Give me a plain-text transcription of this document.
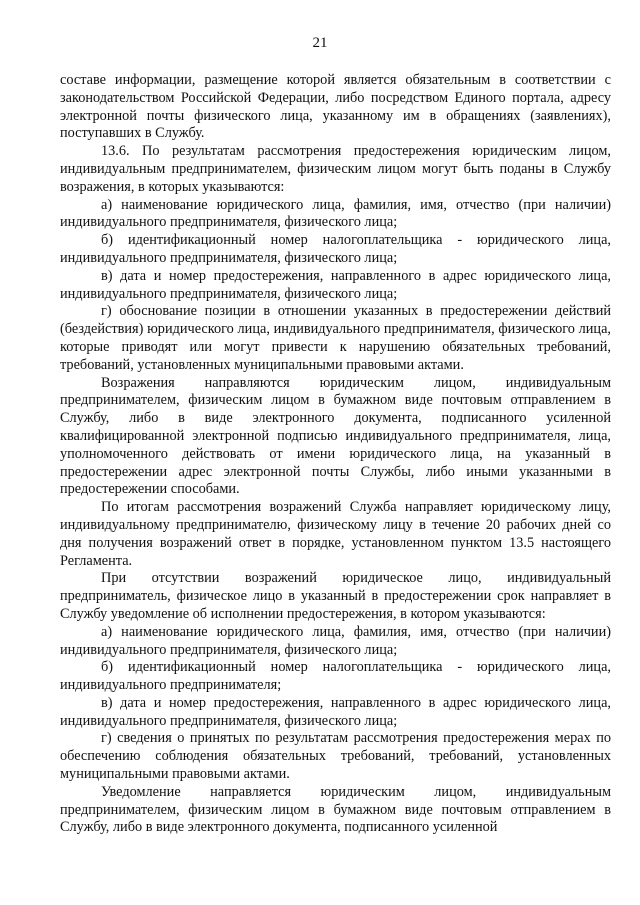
21

составе информации, размещение которой является обязательным в соответствии с законодательством Российской Федерации, либо посредством Единого портала, адресу электронной почты физического лица, указанному им в обращениях (заявлениях), поступавших в Службу.

13.6. По результатам рассмотрения предостережения юридическим лицом, индивидуальным предпринимателем, физическим лицом могут быть поданы в Службу возражения, в которых указываются:

а) наименование юридического лица, фамилия, имя, отчество (при наличии) индивидуального предпринимателя, физического лица;

б) идентификационный номер налогоплательщика - юридического лица, индивидуального предпринимателя, физического лица;

в) дата и номер предостережения, направленного в адрес юридического лица, индивидуального предпринимателя, физического лица;

г) обоснование позиции в отношении указанных в предостережении действий (бездействия) юридического лица, индивидуального предпринимателя, физического лица, которые приводят или могут привести к нарушению обязательных требований, требований, установленных муниципальными правовыми актами.

Возражения направляются юридическим лицом, индивидуальным предпринимателем, физическим лицом в бумажном виде почтовым отправлением в Службу, либо в виде электронного документа, подписанного усиленной квалифицированной электронной подписью индивидуального предпринимателя, лица, уполномоченного действовать от имени юридического лица, на указанный в предостережении адрес электронной почты Службы, либо иными указанными в предостережении способами.

По итогам рассмотрения возражений Служба направляет юридическому лицу, индивидуальному предпринимателю, физическому лицу в течение 20 рабочих дней со дня получения возражений ответ в порядке, установленном пунктом 13.5 настоящего Регламента.

При отсутствии возражений юридическое лицо, индивидуальный предприниматель, физическое лицо в указанный в предостережении срок направляет в Службу уведомление об исполнении предостережения, в котором указываются:

а) наименование юридического лица, фамилия, имя, отчество (при наличии) индивидуального предпринимателя, физического лица;

б) идентификационный номер налогоплательщика - юридического лица, индивидуального предпринимателя;

в) дата и номер предостережения, направленного в адрес юридического лица, индивидуального предпринимателя, физического лица;

г) сведения о принятых по результатам рассмотрения предостережения мерах по обеспечению соблюдения обязательных требований, требований, установленных муниципальными правовыми актами.

Уведомление направляется юридическим лицом, индивидуальным предпринимателем, физическим лицом в бумажном виде почтовым отправлением в Службу, либо в виде электронного документа, подписанного усиленной
